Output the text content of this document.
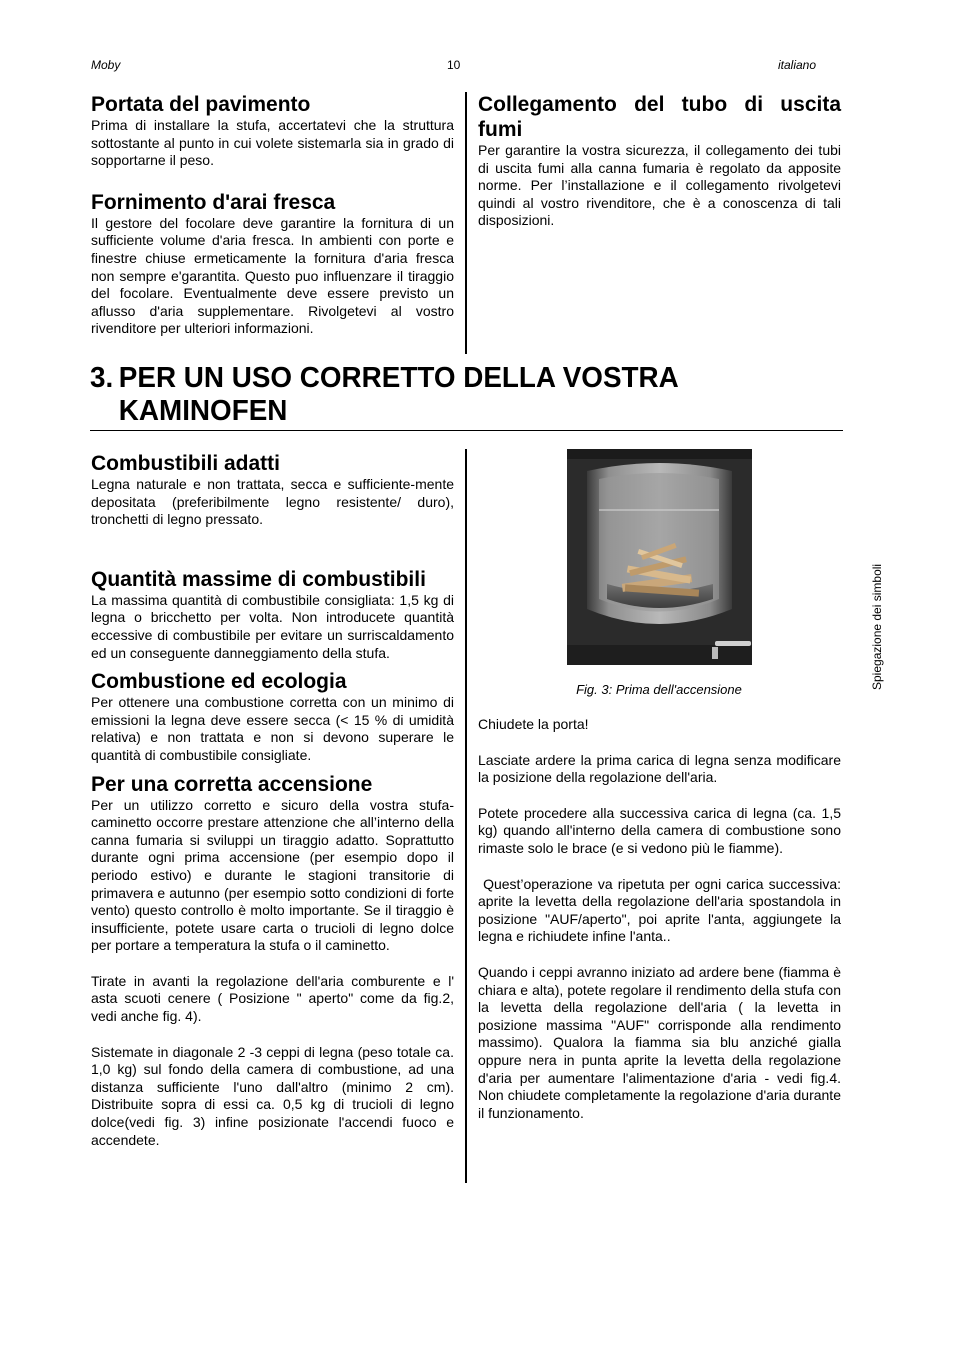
Moby	10	italiano
Portata del pavimento

Prima di installare la stufa, accertatevi che la struttura sottostante al punto in cui volete sistemarla sia in grado di sopportarne il peso.

Fornimento d'arai fresca

Il gestore del focolare deve garantire la fornitura di un sufficiente volume d'aria fresca. In ambienti con porte e finestre chiuse ermeticamente la fornitura d'aria fresca non sempre e'garantita. Questo puo influenzare il tiraggio del focolare. Eventualmente deve essere previsto un aflusso d'aria supplementare. Rivolgetevi al vostro rivenditore per ulteriori informazioni.

Collegamento del tubo di uscita fumi

Per garantire la vostra sicurezza, il collegamento dei tubi di uscita fumi alla canna fumaria è regolato da apposite norme. Per l’installazione e il collegamento rivolgetevi quindi al vostro rivenditore, che è a conoscenza di tali disposizioni.

3. PER UN USO CORRETTO DELLA VOSTRA
KAMINOFEN
Combustibili adatti

Legna naturale e non trattata, secca e sufficiente-mente depositata (preferibilmente legno resistente/ duro), tronchetti di legno pressato.

Quantità massime di combustibili

La massima quantità di combustibile consigliata: 1,5 kg di legna o bricchetto per volta. Non introducete quantità eccessive di combustibile per evitare un surriscaldamento ed un conseguente danneggiamento della stufa.

Combustione ed ecologia

Per ottenere una combustione corretta con un minimo di emissioni la legna deve essere secca (< 15 % di umidità relativa) e non trattata e non si devono superare le quantità di combustibile consigliate.

Per una corretta accensione

Per un utilizzo corretto e sicuro della vostra stufa-caminetto occorre prestare attenzione che all’interno della canna fumaria si sviluppi un tiraggio adatto. Soprattutto durante ogni prima accensione (per esempio dopo il periodo estivo) e durante le stagioni transitorie di primavera e autunno (per esempio sotto condizioni di forte vento) questo controllo è molto importante. Se il tiraggio è insufficiente, potete usare carta o trucioli di legno dolce per portare a temperatura la stufa o il caminetto.

Tirate in avanti la regolazione dell'aria comburente e l' asta scuoti cenere ( Posizione " aperto" come da fig.2, vedi anche fig. 4).

Sistemate in diagonale 2 -3 ceppi di legna (peso totale ca. 1,0 kg) sul fondo della camera di combustione, ad una distanza sufficiente l'uno dall'altro (minimo 2 cm). Distribuite sopra di essi ca. 0,5 kg di trucioli di legno dolce(vedi fig. 3) infine posizionate l'accendi fuoco e accendete.

Fig. 3: Prima dell'accensione

Chiudete la porta!

Lasciate ardere la prima carica di legna senza modificare la posizione della regolazione dell'aria.

Potete procedere alla successiva carica di legna (ca. 1,5 kg) quando all'interno della camera di combustione sono rimaste solo le brace (e si vedono più le fiamme).

Quest’operazione va ripetuta per ogni carica successiva: aprite la levetta della regolazione dell'aria spostandola in posizione "AUF/aperto", poi aprite l'anta, aggiungete la legna e richiudete infine l'anta..

Quando i ceppi avranno iniziato ad ardere bene (fiamma è chiara e alta), potete regolare il rendimento della stufa con la levetta della regolazione dell'aria ( la levetta in posizione massima "AUF" corrisponde alla rendimento massimo). Qualora la fiamma sia blu anziché gialla oppure nera in punta aprite la levetta della regolazione d'aria per aumentare l'alimentazione d'aria - vedi fig.4. Non chiudete completamente la regolazione d'aria durante il funzionamento.

Spiegazione dei simboli
